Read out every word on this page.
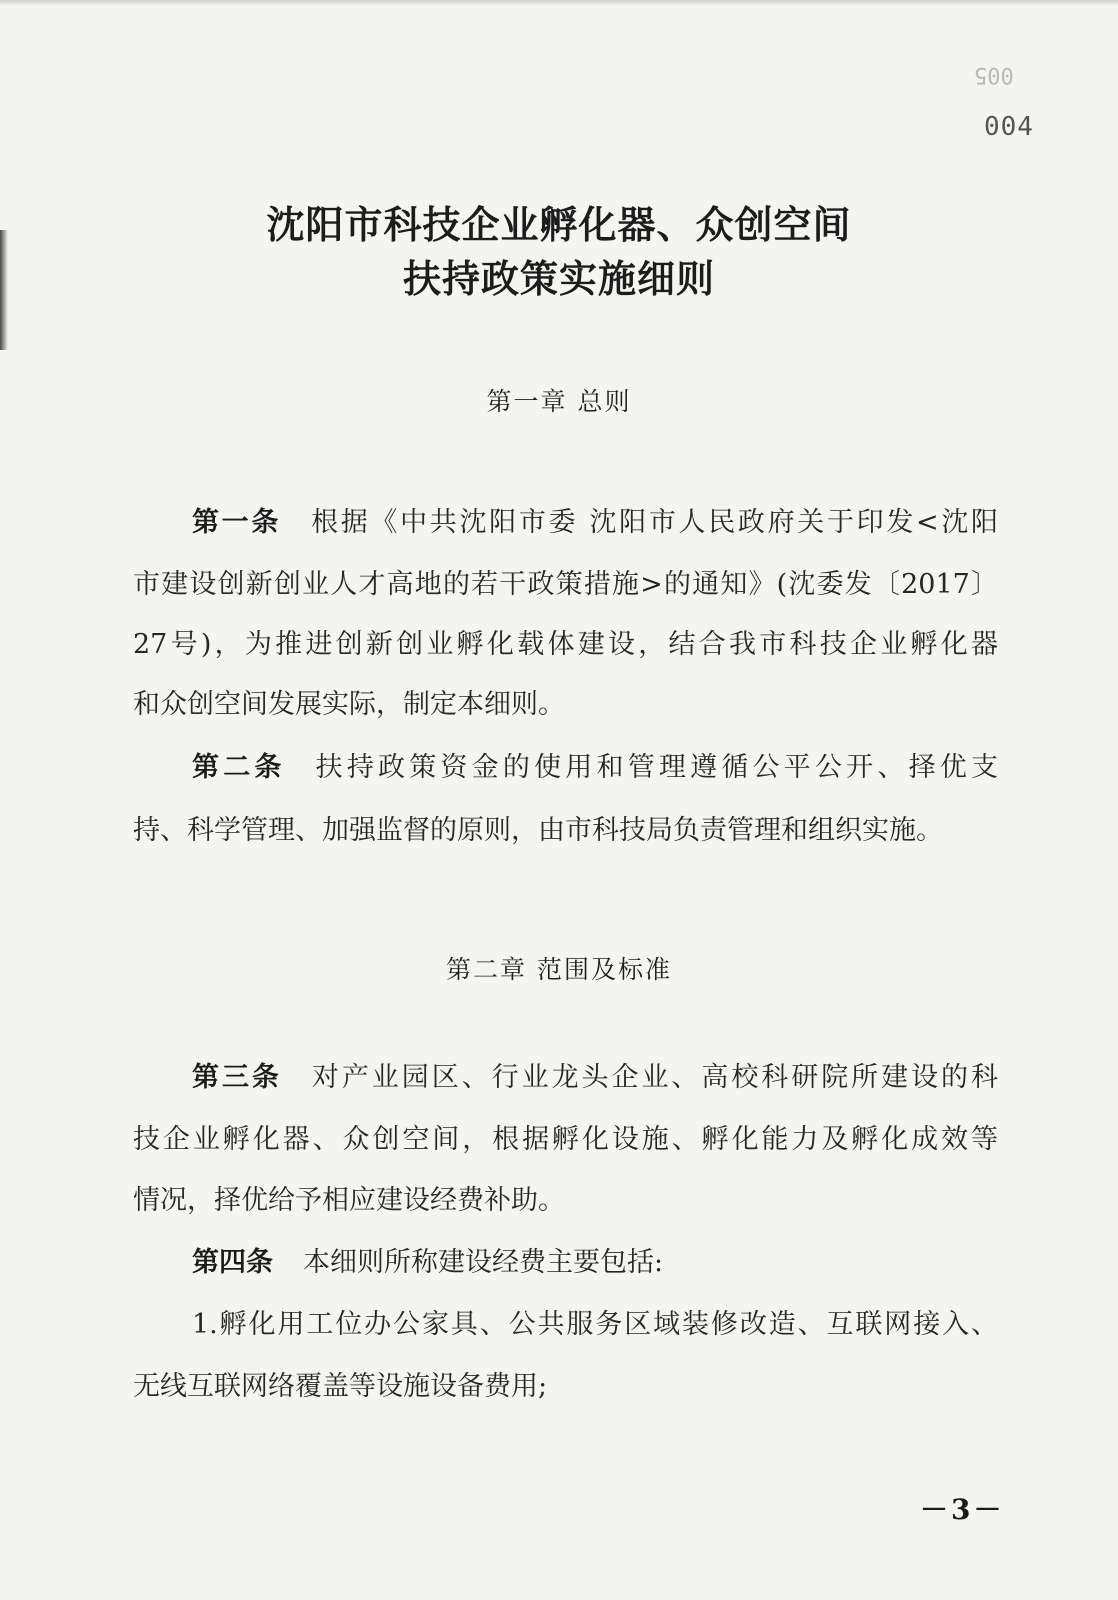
005
004
沈阳市科技企业孵化器、众创空间
扶持政策实施细则
第一章 总则
第一条 根据《中共沈阳市委 沈阳市人民政府关于印发<沈阳
市建设创新创业人才高地的若干政策措施>的通知》(沈委发〔2017〕
27号)，为推进创新创业孵化载体建设，结合我市科技企业孵化器
和众创空间发展实际，制定本细则。
第二条 扶持政策资金的使用和管理遵循公平公开、择优支
持、科学管理、加强监督的原则，由市科技局负责管理和组织实施。
第二章 范围及标准
第三条 对产业园区、行业龙头企业、高校科研院所建设的科
技企业孵化器、众创空间，根据孵化设施、孵化能力及孵化成效等
情况，择优给予相应建设经费补助。
第四条 本细则所称建设经费主要包括:
1.孵化用工位办公家具、公共服务区域装修改造、互联网接入、
无线互联网络覆盖等设施设备费用;
－3－
